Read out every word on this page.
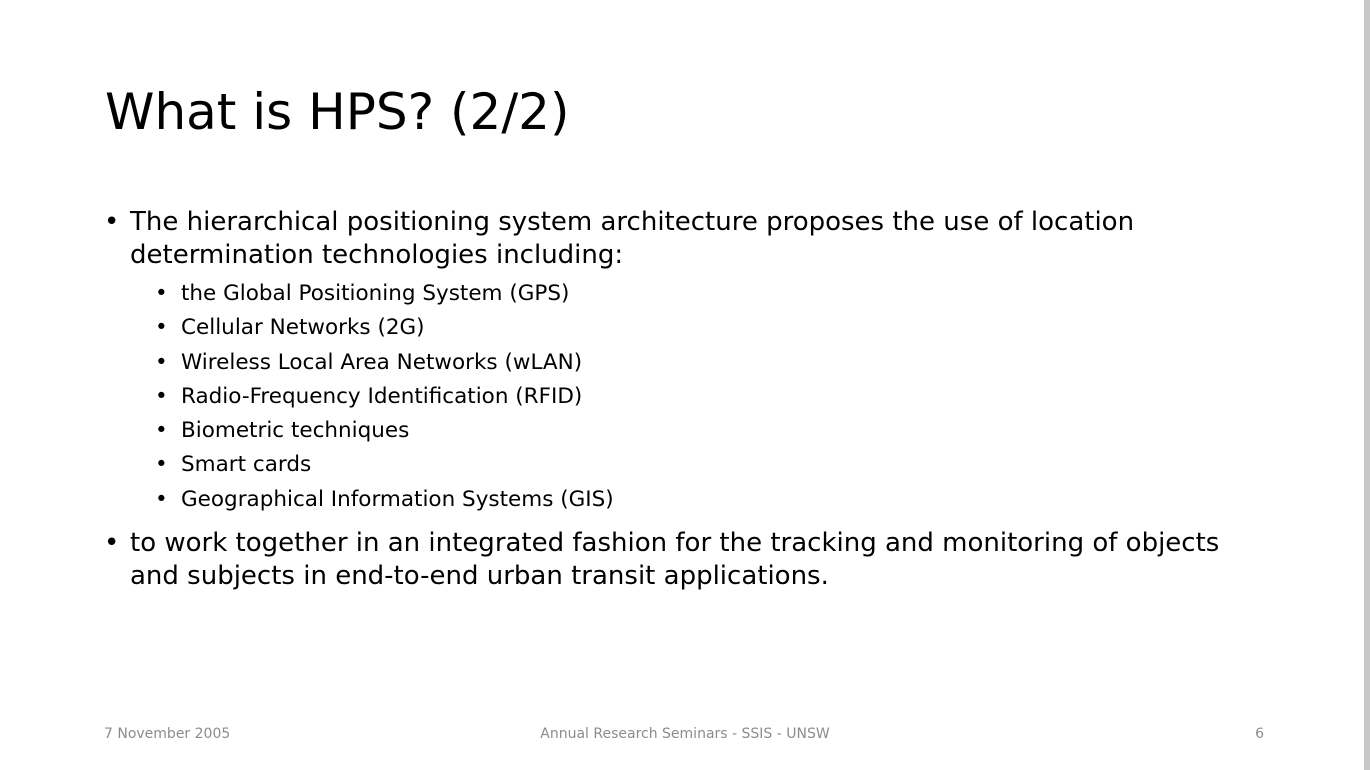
What is HPS? (2/2)
• The hierarchical positioning system architecture proposes the use of location determination technologies including:
• the Global Positioning System (GPS)
• Cellular Networks (2G)
• Wireless Local Area Networks (wLAN)
• Radio-Frequency Identification (RFID)
• Biometric techniques
• Smart cards
• Geographical Information Systems (GIS)
• to work together in an integrated fashion for the tracking and monitoring of objects and subjects in end-to-end urban transit applications.
7 November 2005	Annual Research Seminars - SSIS - UNSW	6
